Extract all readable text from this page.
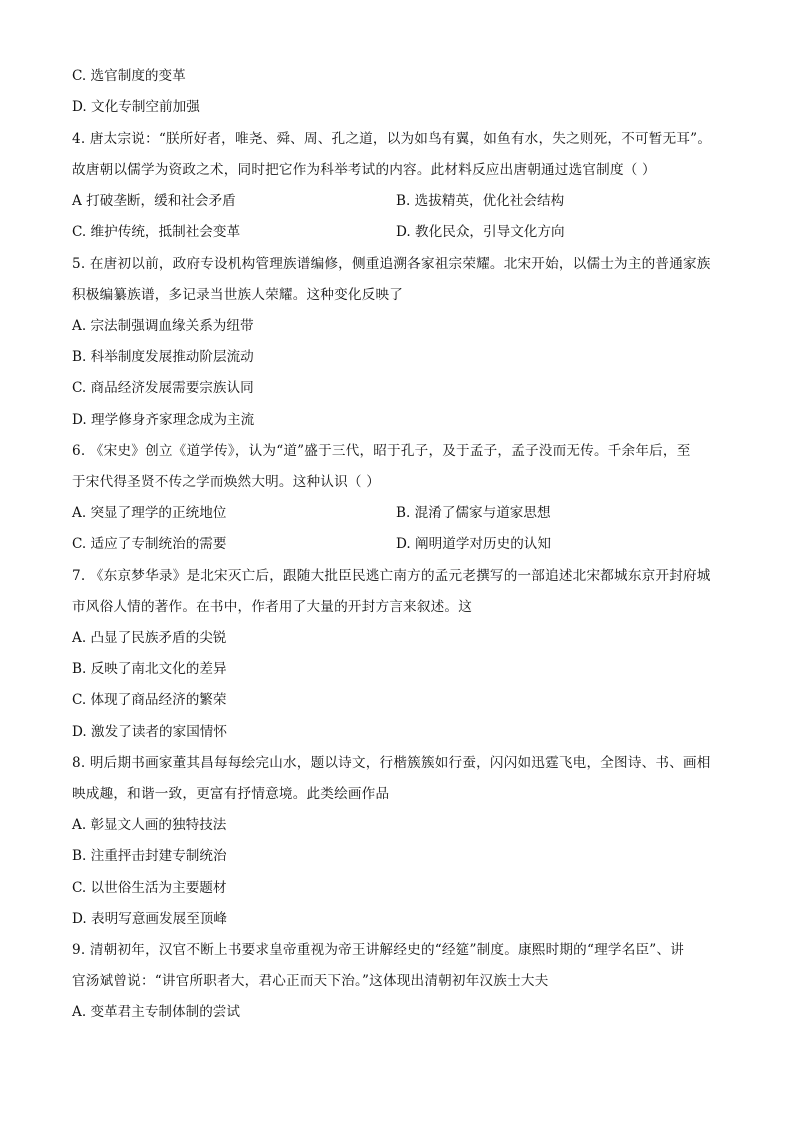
C. 选官制度的变革
D. 文化专制空前加强
4. 唐太宗说：“朕所好者，唯尧、舜、周、孔之道，以为如鸟有翼，如鱼有水，失之则死，不可暂无耳”。
故唐朝以儒学为资政之术，同时把它作为科举考试的内容。此材料反应出唐朝通过选官制度（ ）
A 打破垄断，缓和社会矛盾	B. 选拔精英，优化社会结构
C. 维护传统，抵制社会变革	D. 教化民众，引导文化方向
5. 在唐初以前，政府专设机构管理族谱编修，侧重追溯各家祖宗荣耀。北宋开始，以儒士为主的普通家族
积极编纂族谱，多记录当世族人荣耀。这种变化反映了
A. 宗法制强调血缘关系为纽带
B. 科举制度发展推动阶层流动
C. 商品经济发展需要宗族认同
D. 理学修身齐家理念成为主流
6. 《宋史》创立《道学传》，认为“道”盛于三代，昭于孔子，及于孟子，孟子没而无传。千余年后，至
于宋代得圣贤不传之学而焕然大明。这种认识（ ）
A. 突显了理学的正统地位	B. 混淆了儒家与道家思想
C. 适应了专制统治的需要	D. 阐明道学对历史的认知
7. 《东京梦华录》是北宋灭亡后，跟随大批臣民逃亡南方的孟元老撰写的一部追述北宋都城东京开封府城
市风俗人情的著作。在书中，作者用了大量的开封方言来叙述。这
A. 凸显了民族矛盾的尖锐
B. 反映了南北文化的差异
C. 体现了商品经济的繁荣
D. 激发了读者的家国情怀
8. 明后期书画家董其昌每每绘完山水，题以诗文，行楷簇簇如行蚕，闪闪如迅霆飞电，全图诗、书、画相
映成趣，和谐一致，更富有抒情意境。此类绘画作品
A. 彰显文人画的独特技法
B. 注重抨击封建专制统治
C. 以世俗生活为主要题材
D. 表明写意画发展至顶峰
9. 清朝初年，汉官不断上书要求皇帝重视为帝王讲解经史的“经筵”制度。康熙时期的“理学名臣”、讲
官汤斌曾说：“讲官所职者大，君心正而天下治。”这体现出清朝初年汉族士大夫
A. 变革君主专制体制的尝试
